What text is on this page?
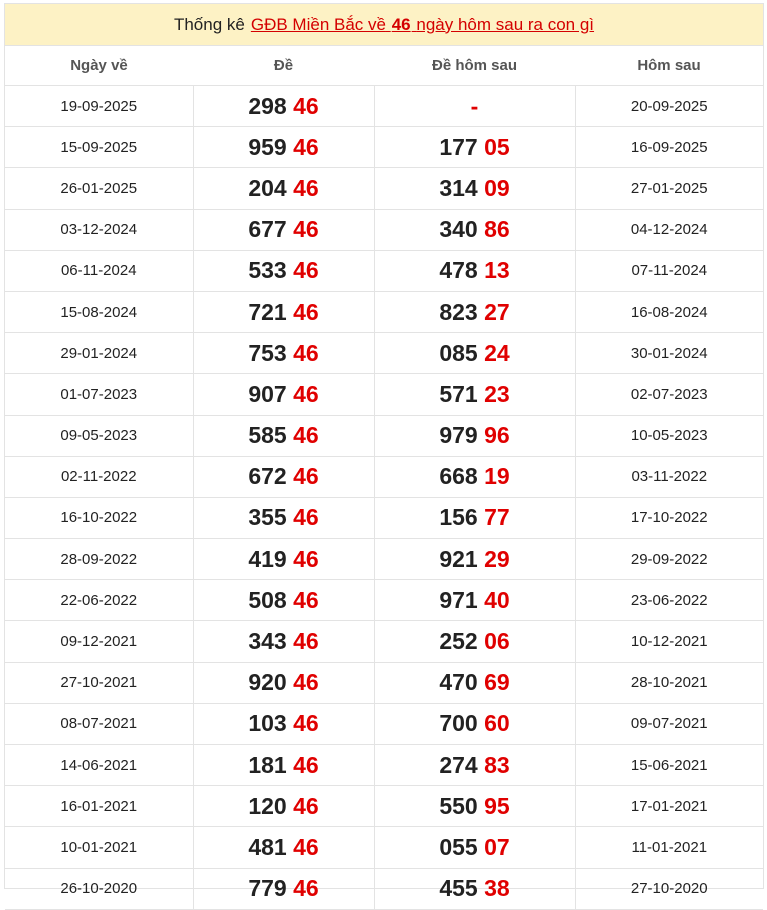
Thống kê GĐB Miền Bắc về 46 ngày hôm sau ra con gì
Ngày về	Đề	Đề hôm sau	Hôm sau
19-09-2025	298 46	-	20-09-2025
15-09-2025	959 46	177 05	16-09-2025
26-01-2025	204 46	314 09	27-01-2025
03-12-2024	677 46	340 86	04-12-2024
06-11-2024	533 46	478 13	07-11-2024
15-08-2024	721 46	823 27	16-08-2024
29-01-2024	753 46	085 24	30-01-2024
01-07-2023	907 46	571 23	02-07-2023
09-05-2023	585 46	979 96	10-05-2023
02-11-2022	672 46	668 19	03-11-2022
16-10-2022	355 46	156 77	17-10-2022
28-09-2022	419 46	921 29	29-09-2022
22-06-2022	508 46	971 40	23-06-2022
09-12-2021	343 46	252 06	10-12-2021
27-10-2021	920 46	470 69	28-10-2021
08-07-2021	103 46	700 60	09-07-2021
14-06-2021	181 46	274 83	15-06-2021
16-01-2021	120 46	550 95	17-01-2021
10-01-2021	481 46	055 07	11-01-2021
26-10-2020	779 46	455 38	27-10-2020
